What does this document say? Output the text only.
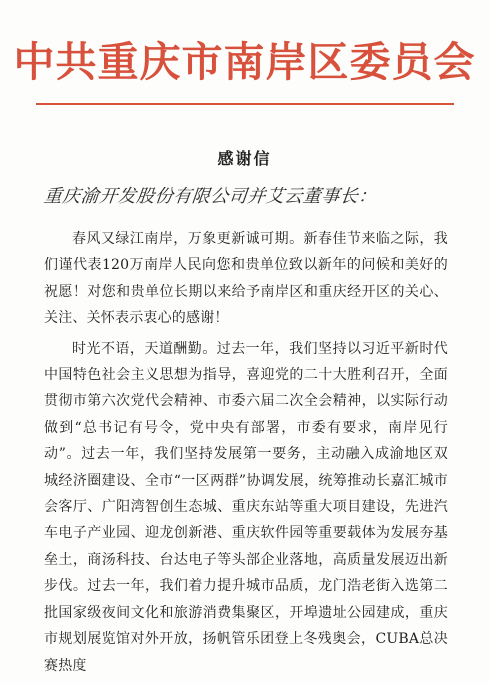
中共重庆市南岸区委员会
感谢信
重庆渝开发股份有限公司并艾云董事长：

春风又绿江南岸，万象更新诚可期。新春佳节来临之际，我们谨代表120万南岸人民向您和贵单位致以新年的问候和美好的祝愿！对您和贵单位长期以来给予南岸区和重庆经开区的关心、关注、关怀表示衷心的感谢！

时光不语，天道酬勤。过去一年，我们坚持以习近平新时代中国特色社会主义思想为指导，喜迎党的二十大胜利召开，全面贯彻市第六次党代会精神、市委六届二次全会精神，以实际行动做到“总书记有号令，党中央有部署，市委有要求，南岸见行动”。过去一年，我们坚持发展第一要务，主动融入成渝地区双城经济圈建设、全市“一区两群”协调发展，统筹推动长嘉汇城市会客厅、广阳湾智创生态城、重庆东站等重大项目建设，先进汽车电子产业园、迎龙创新港、重庆软件园等重要载体为发展夯基垒土，商汤科技、台达电子等头部企业落地，高质量发展迈出新步伐。过去一年，我们着力提升城市品质，龙门浩老街入选第二批国家级夜间文化和旅游消费集聚区，开埠遗址公园建成，重庆市规划展览馆对外开放，扬帆管乐团登上冬残奥会，CUBA总决赛热度
